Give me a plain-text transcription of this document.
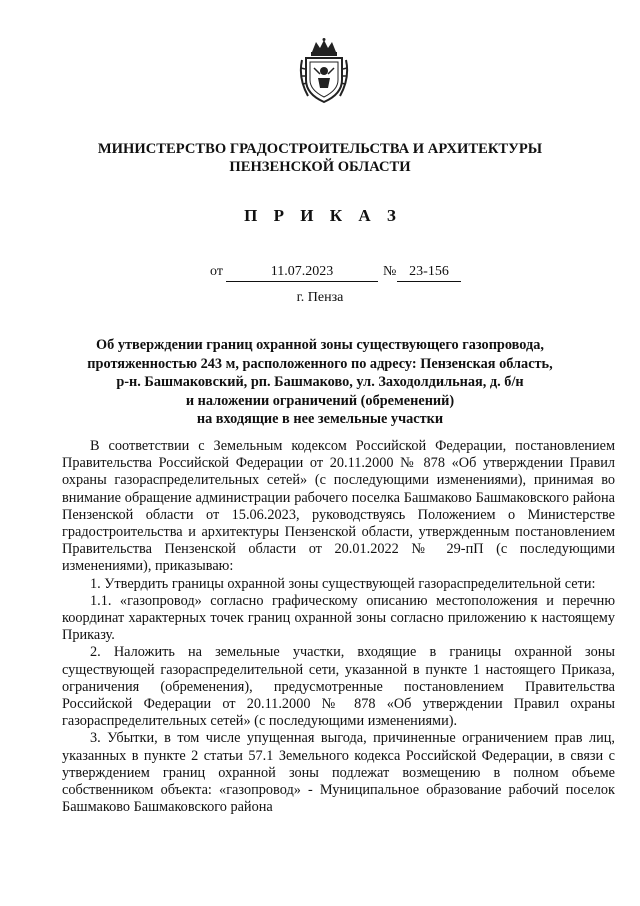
МИНИСТЕРСТВО ГРАДОСТРОИТЕЛЬСТВА И АРХИТЕКТУРЫ
ПЕНЗЕНСКОЙ ОБЛАСТИ
П Р И К А З
от	11.07.2023	№ 23-156
г. Пенза
Об утверждении границ охранной зоны существующего газопровода,
протяженностью 243 м, расположенного по адресу: Пензенская область,
р-н. Башмаковский, рп. Башмаково, ул. Заходолдильная, д. б/н
и наложении ограничений (обременений)
на входящие в нее земельные участки

В соответствии с Земельным кодексом Российской Федерации, постановлением Правительства Российской Федерации от 20.11.2000 № 878 «Об утверждении Правил охраны газораспределительных сетей» (с последующими изменениями), принимая во внимание обращение администрации рабочего поселка Башмаково Башмаковского района Пензенской области от 15.06.2023, руководствуясь Положением о Министерстве градостроительства и архитектуры Пензенской области, утвержденным постановлением Правительства Пензенской области от 20.01.2022 № 29-пП (с последующими изменениями), приказываю:

1. Утвердить границы охранной зоны существующей газораспределительной сети:

1.1. «газопровод» согласно графическому описанию местоположения и перечню координат характерных точек границ охранной зоны согласно приложению к настоящему Приказу.

2. Наложить на земельные участки, входящие в границы охранной зоны существующей газораспределительной сети, указанной в пункте 1 настоящего Приказа, ограничения (обременения), предусмотренные постановлением Правительства Российской Федерации от 20.11.2000 № 878 «Об утверждении Правил охраны газораспределительных сетей» (с последующими изменениями).

3. Убытки, в том числе упущенная выгода, причиненные ограничением прав лиц, указанных в пункте 2 статьи 57.1 Земельного кодекса Российской Федерации, в связи с утверждением границ охранной зоны подлежат возмещению в полном объеме собственником объекта: «газопровод» - Муниципальное образование рабочий поселок Башмаково Башмаковского района
